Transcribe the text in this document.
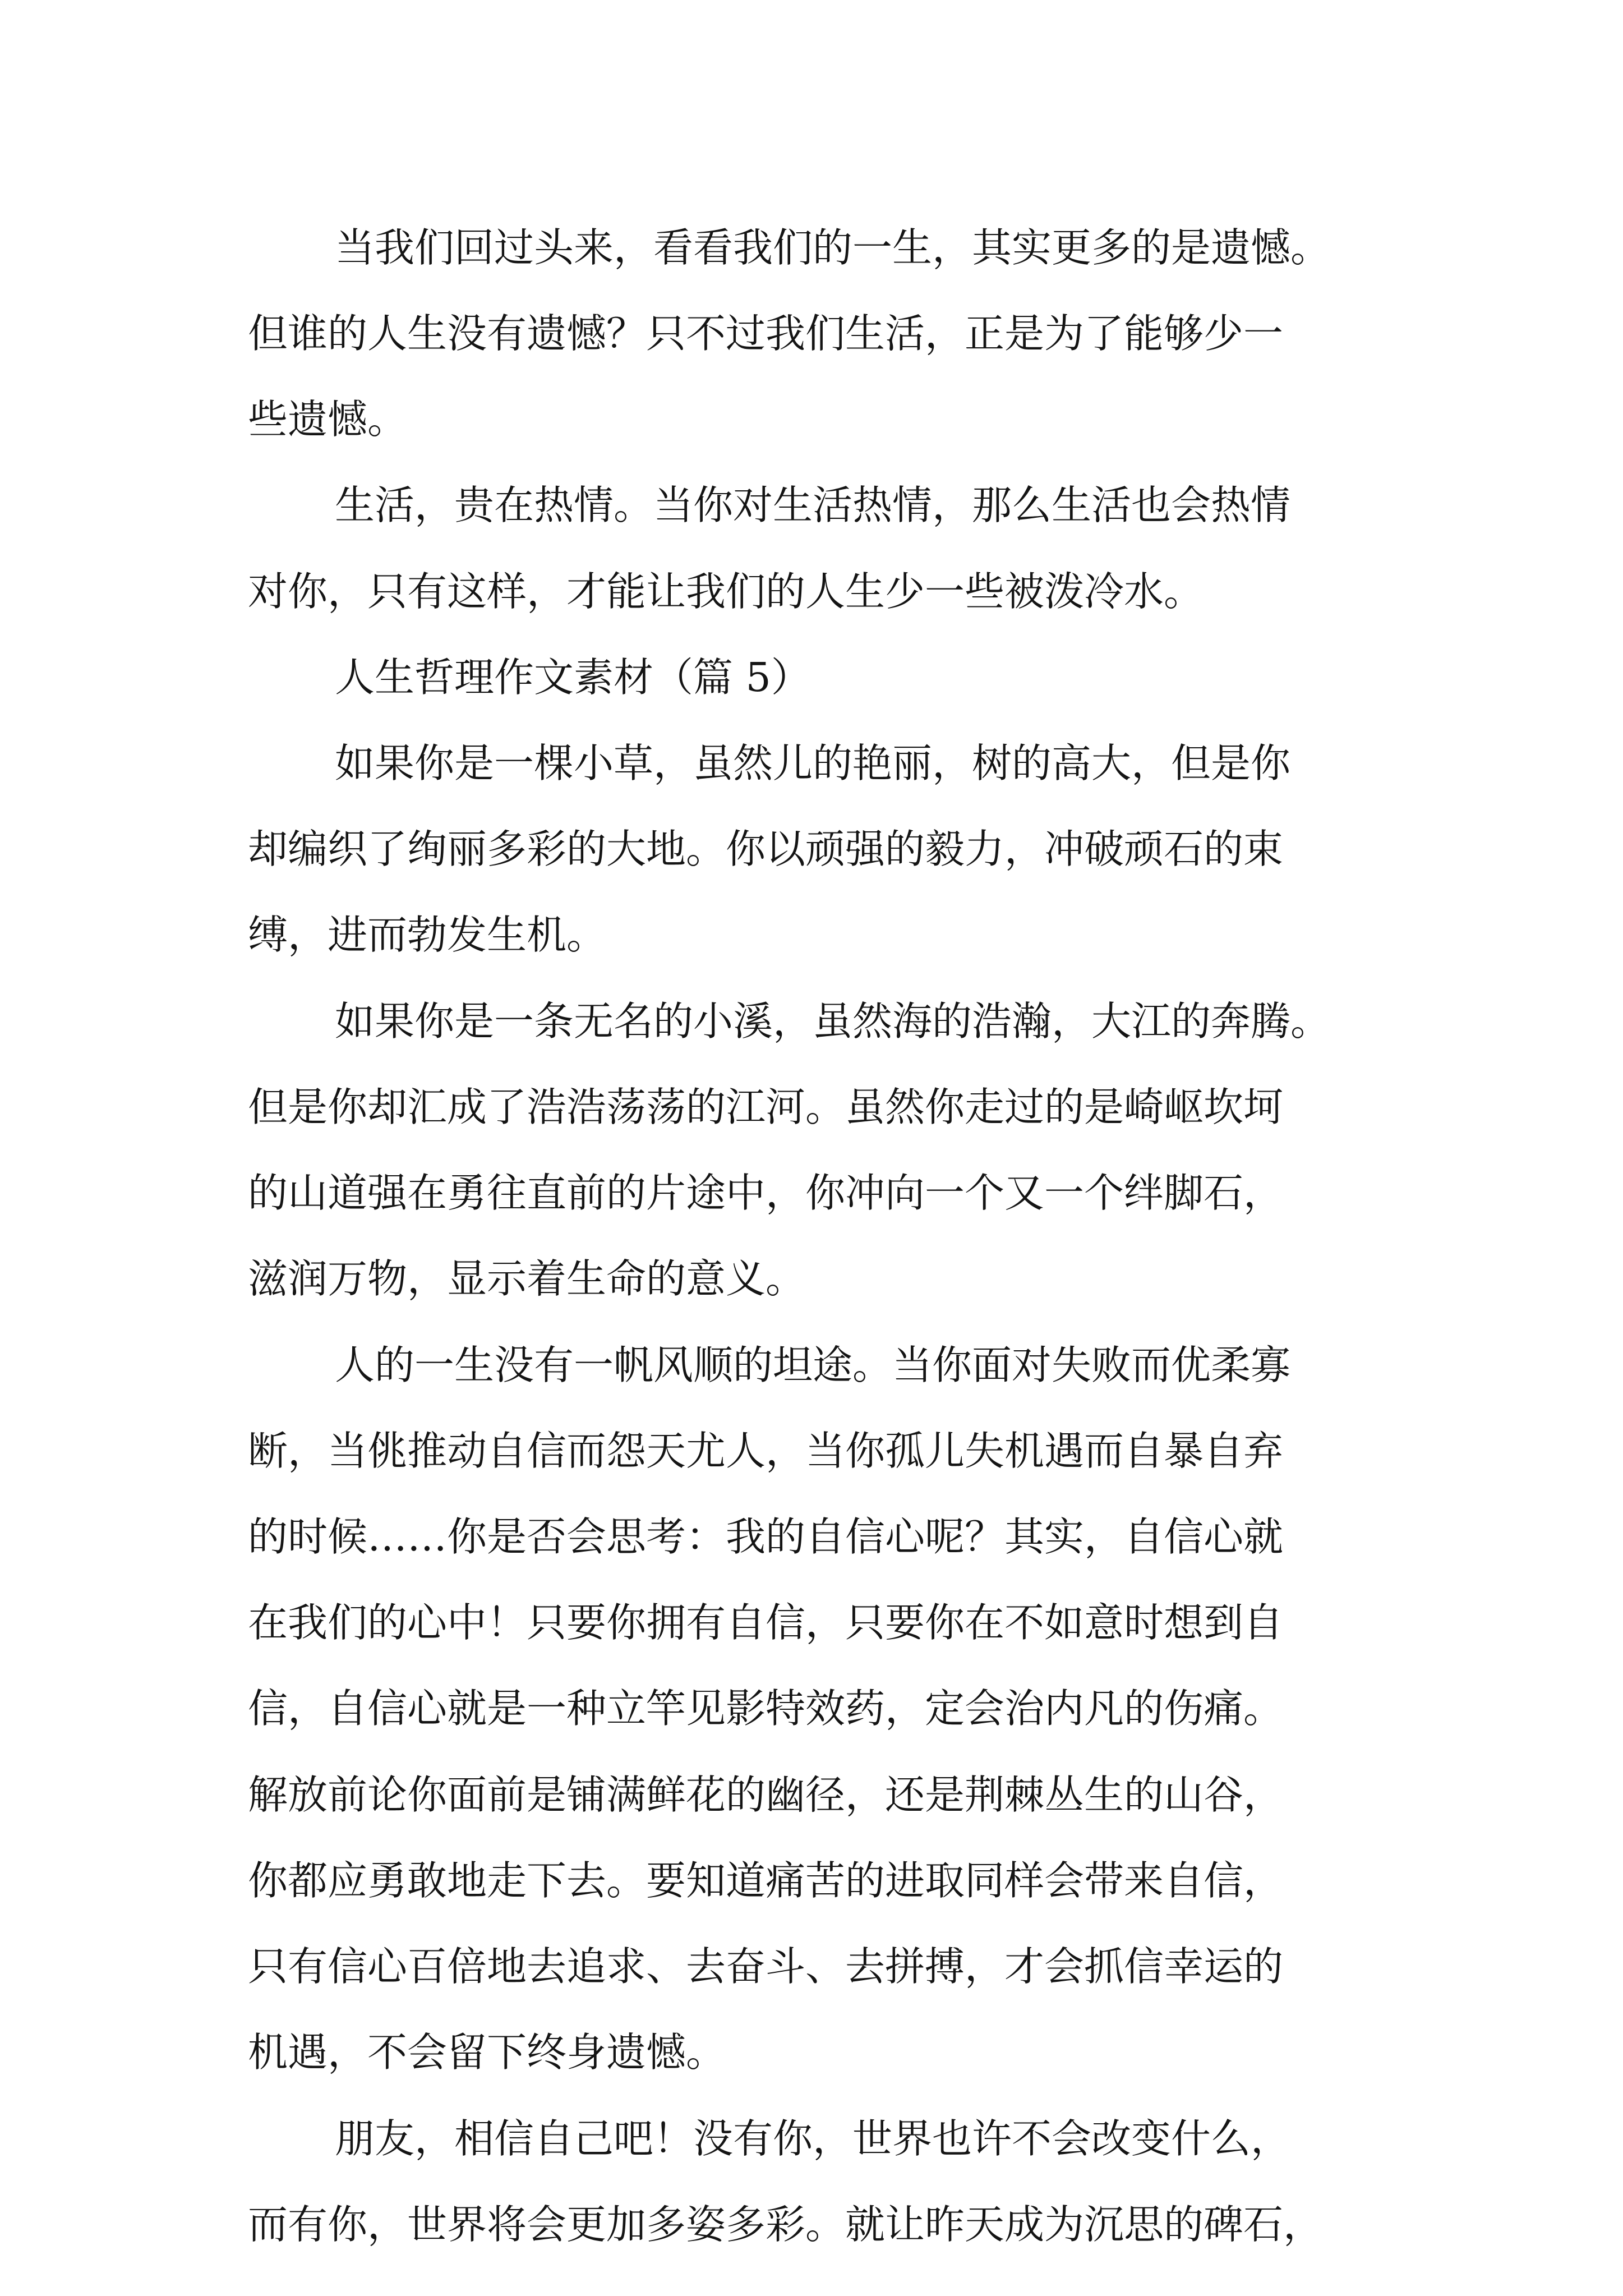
当我们回过头来，看看我们的一生，其实更多的是遗憾。
但谁的人生没有遗憾？只不过我们生活，正是为了能够少一
些遗憾。
生活，贵在热情。当你对生活热情，那么生活也会热情
对你，只有这样，才能让我们的人生少一些被泼冷水。
人生哲理作文素材（篇 5）
如果你是一棵小草，虽然儿的艳丽，树的高大，但是你
却编织了绚丽多彩的大地。你以顽强的毅力，冲破顽石的束
缚，进而勃发生机。
如果你是一条无名的小溪，虽然海的浩瀚，大江的奔腾。
但是你却汇成了浩浩荡荡的江河。虽然你走过的是崎岖坎坷
的山道强在勇往直前的片途中，你冲向一个又一个绊脚石，
滋润万物，显示着生命的意义。
人的一生没有一帆风顺的坦途。当你面对失败而优柔寡
断，当佻推动自信而怨天尤人，当你孤儿失机遇而自暴自弃
的时候……你是否会思考：我的自信心呢？其实，自信心就
在我们的心中！只要你拥有自信，只要你在不如意时想到自
信，自信心就是一种立竿见影特效药，定会治内凡的伤痛。
解放前论你面前是铺满鲜花的幽径，还是荆棘丛生的山谷，
你都应勇敢地走下去。要知道痛苦的进取同样会带来自信，
只有信心百倍地去追求、去奋斗、去拼搏，才会抓信幸运的
机遇，不会留下终身遗憾。
朋友，相信自己吧！没有你，世界也许不会改变什么，
而有你，世界将会更加多姿多彩。就让昨天成为沉思的碑石，
